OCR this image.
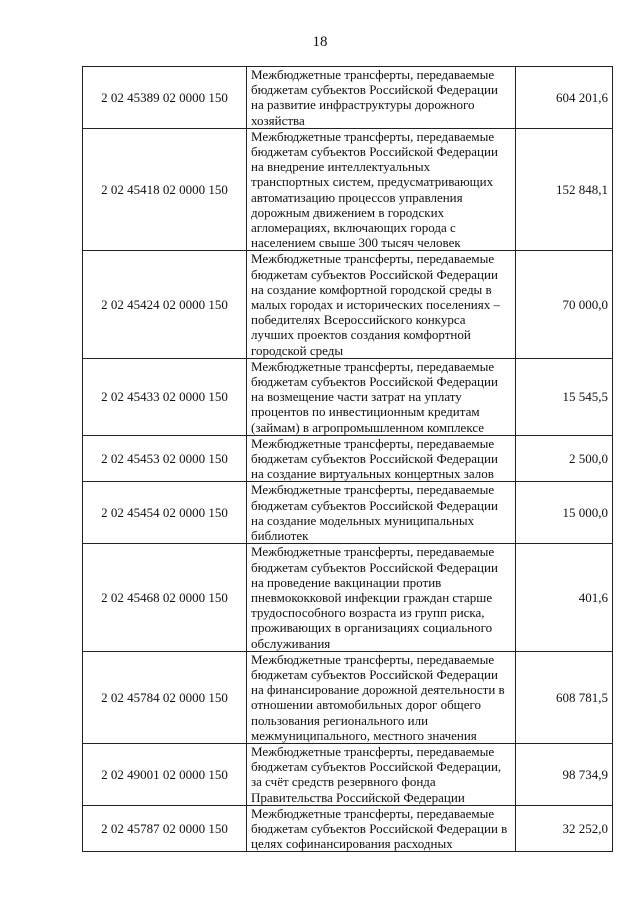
18
2 02 45389 02 0000 150	Межбюджетные трансферты, передаваемые бюджетам субъектов Российской Федерации на развитие инфраструктуры дорожного хозяйства	604 201,6
2 02 45418 02 0000 150	Межбюджетные трансферты, передаваемые бюджетам субъектов Российской Федерации на внедрение интеллектуальных транспортных систем, предусматривающих автоматизацию процессов управления дорожным движением в городских агломерациях, включающих города с населением свыше 300 тысяч человек	152 848,1
2 02 45424 02 0000 150	Межбюджетные трансферты, передаваемые бюджетам субъектов Российской Федерации на создание комфортной городской среды в малых городах и исторических поселениях – победителях Всероссийского конкурса лучших проектов создания комфортной городской среды	70 000,0
2 02 45433 02 0000 150	Межбюджетные трансферты, передаваемые бюджетам субъектов Российской Федерации на возмещение части затрат на уплату процентов по инвестиционным кредитам (займам) в агропромышленном комплексе	15 545,5
2 02 45453 02 0000 150	Межбюджетные трансферты, передаваемые бюджетам субъектов Российской Федерации на создание виртуальных концертных залов	2 500,0
2 02 45454 02 0000 150	Межбюджетные трансферты, передаваемые бюджетам субъектов Российской Федерации на создание модельных муниципальных библиотек	15 000,0
2 02 45468 02 0000 150	Межбюджетные трансферты, передаваемые бюджетам субъектов Российской Федерации на проведение вакцинации против пневмококковой инфекции граждан старше трудоспособного возраста из групп риска, проживающих в организациях социального обслуживания	401,6
2 02 45784 02 0000 150	Межбюджетные трансферты, передаваемые бюджетам субъектов Российской Федерации на финансирование дорожной деятельности в отношении автомобильных дорог общего пользования регионального или межмуниципального, местного значения	608 781,5
2 02 49001 02 0000 150	Межбюджетные трансферты, передаваемые бюджетам субъектов Российской Федерации, за счёт средств резервного фонда Правительства Российской Федерации	98 734,9
2 02 45787 02 0000 150	Межбюджетные трансферты, передаваемые бюджетам субъектов Российской Федерации в целях софинансирования расходных	32 252,0
